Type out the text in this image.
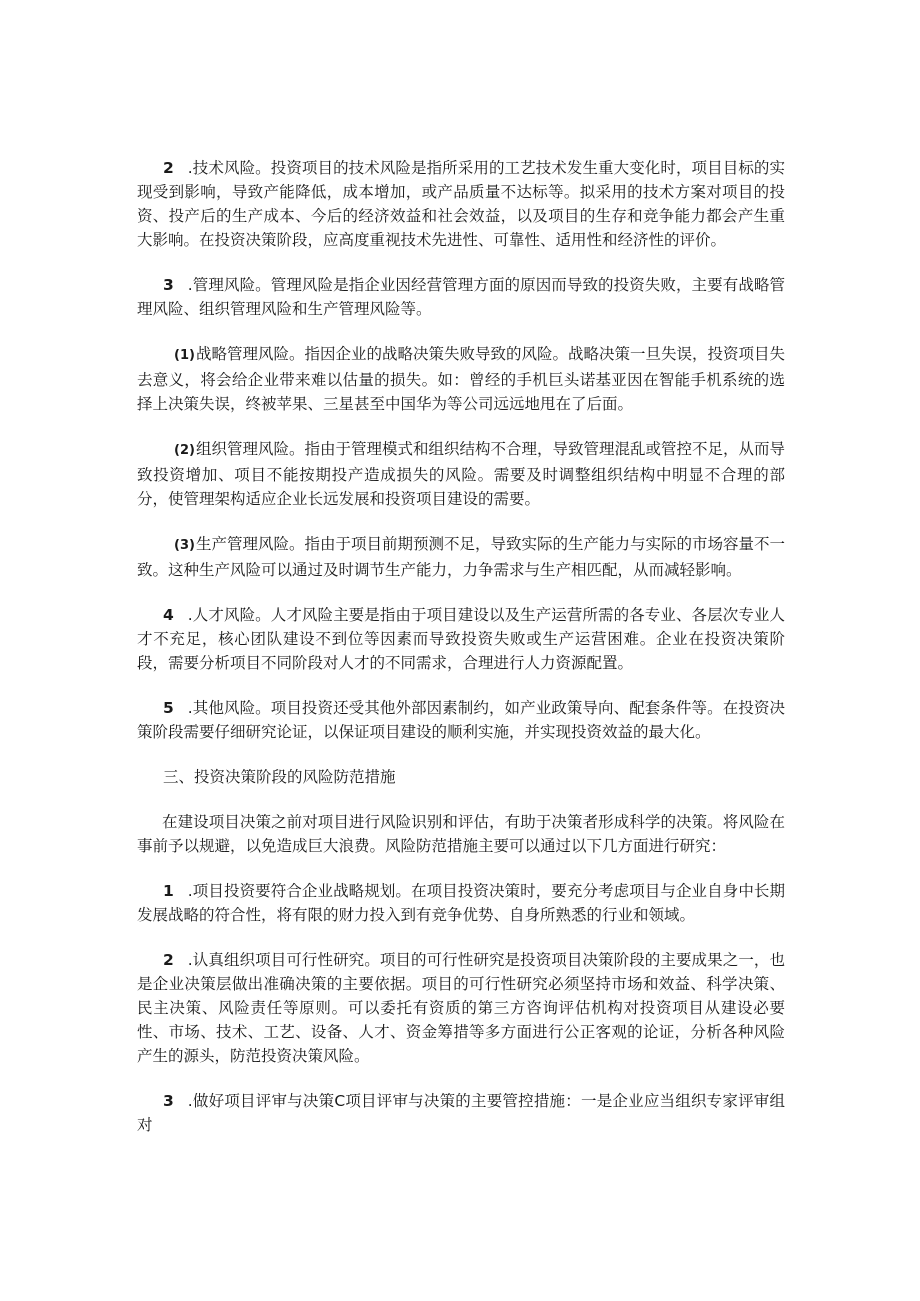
2 .技术风险。投资项目的技术风险是指所采用的工艺技术发生重大变化时，项目目标的实现受到影响，导致产能降低，成本增加，或产品质量不达标等。拟采用的技术方案对项目的投资、投产后的生产成本、今后的经济效益和社会效益，以及项目的生存和竞争能力都会产生重大影响。在投资决策阶段，应高度重视技术先进性、可靠性、适用性和经济性的评价。

3 .管理风险。管理风险是指企业因经营管理方面的原因而导致的投资失败，主要有战略管理风险、组织管理风险和生产管理风险等。

(1)战略管理风险。指因企业的战略决策失败导致的风险。战略决策一旦失误，投资项目失去意义，将会给企业带来难以估量的损失。如：曾经的手机巨头诺基亚因在智能手机系统的选择上决策失误，终被苹果、三星甚至中国华为等公司远远地甩在了后面。

(2)组织管理风险。指由于管理模式和组织结构不合理，导致管理混乱或管控不足，从而导致投资增加、项目不能按期投产造成损失的风险。需要及时调整组织结构中明显不合理的部分，使管理架构适应企业长远发展和投资项目建设的需要。

(3)生产管理风险。指由于项目前期预测不足，导致实际的生产能力与实际的市场容量不一致。这种生产风险可以通过及时调节生产能力，力争需求与生产相匹配，从而减轻影响。

4 .人才风险。人才风险主要是指由于项目建设以及生产运营所需的各专业、各层次专业人才不充足，核心团队建设不到位等因素而导致投资失败或生产运营困难。企业在投资决策阶段，需要分析项目不同阶段对人才的不同需求，合理进行人力资源配置。

5 .其他风险。项目投资还受其他外部因素制约，如产业政策导向、配套条件等。在投资决策阶段需要仔细研究论证，以保证项目建设的顺利实施，并实现投资效益的最大化。

三、投资决策阶段的风险防范措施

在建设项目决策之前对项目进行风险识别和评估，有助于决策者形成科学的决策。将风险在事前予以规避，以免造成巨大浪费。风险防范措施主要可以通过以下几方面进行研究：

1 .项目投资要符合企业战略规划。在项目投资决策时，要充分考虑项目与企业自身中长期发展战略的符合性，将有限的财力投入到有竞争优势、自身所熟悉的行业和领域。

2 .认真组织项目可行性研究。项目的可行性研究是投资项目决策阶段的主要成果之一，也是企业决策层做出准确决策的主要依据。项目的可行性研究必须坚持市场和效益、科学决策、民主决策、风险责任等原则。可以委托有资质的第三方咨询评估机构对投资项目从建设必要性、市场、技术、工艺、设备、人才、资金筹措等多方面进行公正客观的论证，分析各种风险产生的源头，防范投资决策风险。

3 .做好项目评审与决策C项目评审与决策的主要管控措施：一是企业应当组织专家评审组对
